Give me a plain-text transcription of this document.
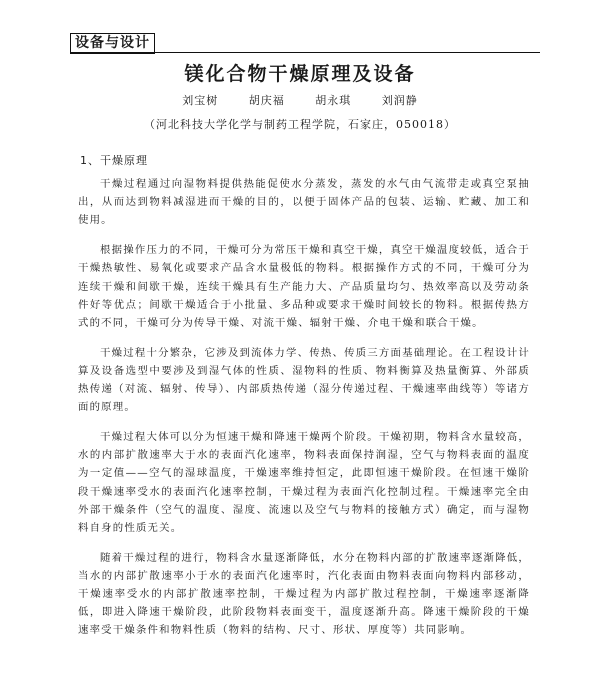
设备与设计
镁化合物干燥原理及设备
刘宝树	胡庆福	胡永琪	刘润静
（河北科技大学化学与制药工程学院，石家庄，050018）
1、干燥原理

干燥过程通过向湿物料提供热能促使水分蒸发，蒸发的水气由气流带走或真空泵抽出，从而达到物料减湿进而干燥的目的，以便于固体产品的包装、运输、贮藏、加工和使用。

根据操作压力的不同，干燥可分为常压干燥和真空干燥，真空干燥温度较低，适合于干燥热敏性、易氧化或要求产品含水量极低的物料。根据操作方式的不同，干燥可分为连续干燥和间歇干燥，连续干燥具有生产能力大、产品质量均匀、热效率高以及劳动条件好等优点；间歇干燥适合于小批量、多品种或要求干燥时间较长的物料。根据传热方式的不同，干燥可分为传导干燥、对流干燥、辐射干燥、介电干燥和联合干燥。

干燥过程十分繁杂，它涉及到流体力学、传热、传质三方面基础理论。在工程设计计算及设备选型中要涉及到湿气体的性质、湿物料的性质、物料衡算及热量衡算、外部质热传递（对流、辐射、传导）、内部质热传递（湿分传递过程、干燥速率曲线等）等诸方面的原理。

干燥过程大体可以分为恒速干燥和降速干燥两个阶段。干燥初期，物料含水量较高，水的内部扩散速率大于水的表面汽化速率，物料表面保持润湿，空气与物料表面的温度为一定值——空气的湿球温度，干燥速率维持恒定，此即恒速干燥阶段。在恒速干燥阶段干燥速率受水的表面汽化速率控制，干燥过程为表面汽化控制过程。干燥速率完全由外部干燥条件（空气的温度、湿度、流速以及空气与物料的接触方式）确定，而与湿物料自身的性质无关。

随着干燥过程的进行，物料含水量逐渐降低，水分在物料内部的扩散速率逐渐降低，当水的内部扩散速率小于水的表面汽化速率时，汽化表面由物料表面向物料内部移动，干燥速率受水的内部扩散速率控制，干燥过程为内部扩散过程控制，干燥速率逐渐降低，即进入降速干燥阶段，此阶段物料表面变干，温度逐渐升高。降速干燥阶段的干燥速率受干燥条件和物料性质（物料的结构、尺寸、形状、厚度等）共同影响。
